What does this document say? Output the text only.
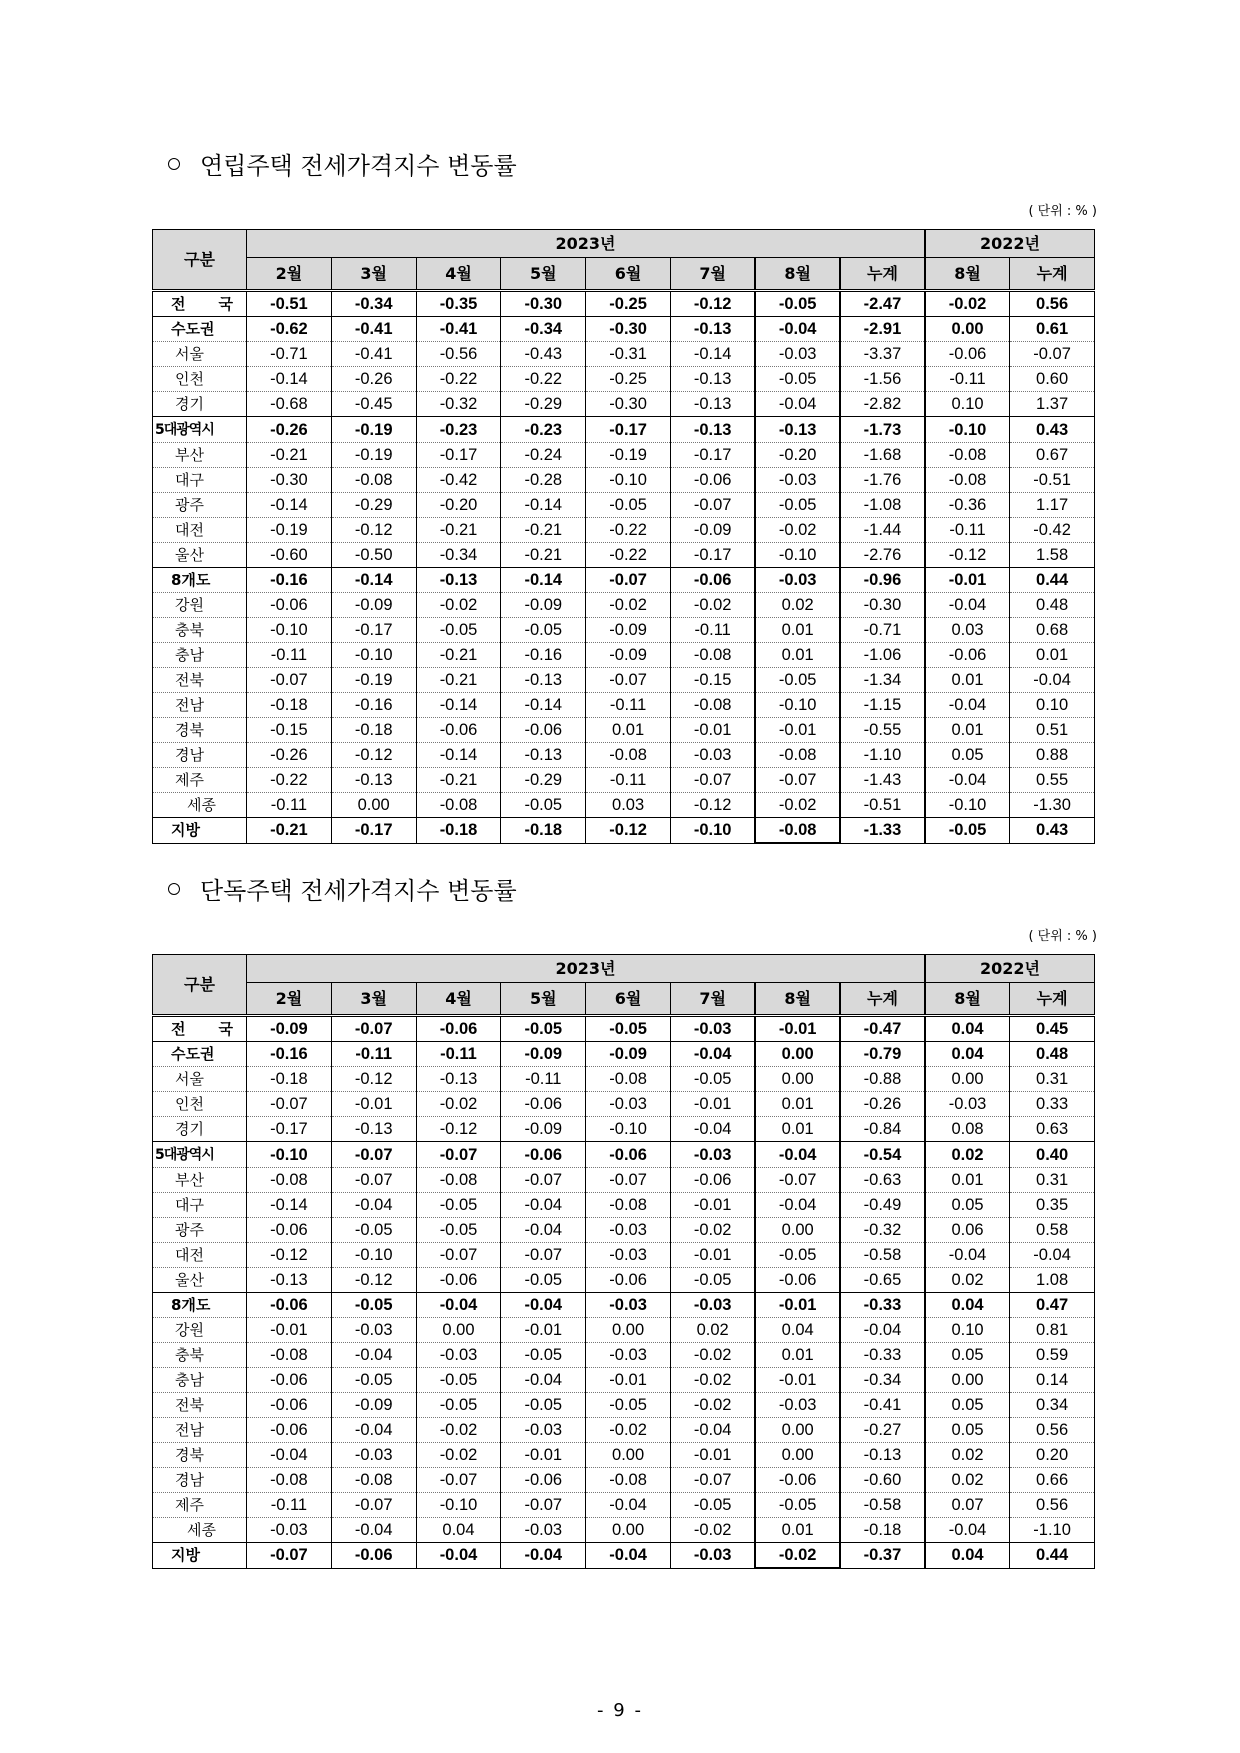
연립주택 전세가격지수 변동률
( 단위 : % )
구분	2023년								2022년	
	2월	3월	4월	5월	6월	7월	8월	누계	8월	누계
전 국	-0.51	-0.34	-0.35	-0.30	-0.25	-0.12	-0.05	-2.47	-0.02	0.56
수도권	-0.62	-0.41	-0.41	-0.34	-0.30	-0.13	-0.04	-2.91	0.00	0.61
서울	-0.71	-0.41	-0.56	-0.43	-0.31	-0.14	-0.03	-3.37	-0.06	-0.07
인천	-0.14	-0.26	-0.22	-0.22	-0.25	-0.13	-0.05	-1.56	-0.11	0.60
경기	-0.68	-0.45	-0.32	-0.29	-0.30	-0.13	-0.04	-2.82	0.10	1.37
5대광역시	-0.26	-0.19	-0.23	-0.23	-0.17	-0.13	-0.13	-1.73	-0.10	0.43
부산	-0.21	-0.19	-0.17	-0.24	-0.19	-0.17	-0.20	-1.68	-0.08	0.67
대구	-0.30	-0.08	-0.42	-0.28	-0.10	-0.06	-0.03	-1.76	-0.08	-0.51
광주	-0.14	-0.29	-0.20	-0.14	-0.05	-0.07	-0.05	-1.08	-0.36	1.17
대전	-0.19	-0.12	-0.21	-0.21	-0.22	-0.09	-0.02	-1.44	-0.11	-0.42
울산	-0.60	-0.50	-0.34	-0.21	-0.22	-0.17	-0.10	-2.76	-0.12	1.58
8개도	-0.16	-0.14	-0.13	-0.14	-0.07	-0.06	-0.03	-0.96	-0.01	0.44
강원	-0.06	-0.09	-0.02	-0.09	-0.02	-0.02	0.02	-0.30	-0.04	0.48
충북	-0.10	-0.17	-0.05	-0.05	-0.09	-0.11	0.01	-0.71	0.03	0.68
충남	-0.11	-0.10	-0.21	-0.16	-0.09	-0.08	0.01	-1.06	-0.06	0.01
전북	-0.07	-0.19	-0.21	-0.13	-0.07	-0.15	-0.05	-1.34	0.01	-0.04
전남	-0.18	-0.16	-0.14	-0.14	-0.11	-0.08	-0.10	-1.15	-0.04	0.10
경북	-0.15	-0.18	-0.06	-0.06	0.01	-0.01	-0.01	-0.55	0.01	0.51
경남	-0.26	-0.12	-0.14	-0.13	-0.08	-0.03	-0.08	-1.10	0.05	0.88
제주	-0.22	-0.13	-0.21	-0.29	-0.11	-0.07	-0.07	-1.43	-0.04	0.55
세종	-0.11	0.00	-0.08	-0.05	0.03	-0.12	-0.02	-0.51	-0.10	-1.30
지방	-0.21	-0.17	-0.18	-0.18	-0.12	-0.10	-0.08	-1.33	-0.05	0.43
단독주택 전세가격지수 변동률
( 단위 : % )
구분	2023년								2022년	
	2월	3월	4월	5월	6월	7월	8월	누계	8월	누계
전 국	-0.09	-0.07	-0.06	-0.05	-0.05	-0.03	-0.01	-0.47	0.04	0.45
수도권	-0.16	-0.11	-0.11	-0.09	-0.09	-0.04	0.00	-0.79	0.04	0.48
서울	-0.18	-0.12	-0.13	-0.11	-0.08	-0.05	0.00	-0.88	0.00	0.31
인천	-0.07	-0.01	-0.02	-0.06	-0.03	-0.01	0.01	-0.26	-0.03	0.33
경기	-0.17	-0.13	-0.12	-0.09	-0.10	-0.04	0.01	-0.84	0.08	0.63
5대광역시	-0.10	-0.07	-0.07	-0.06	-0.06	-0.03	-0.04	-0.54	0.02	0.40
부산	-0.08	-0.07	-0.08	-0.07	-0.07	-0.06	-0.07	-0.63	0.01	0.31
대구	-0.14	-0.04	-0.05	-0.04	-0.08	-0.01	-0.04	-0.49	0.05	0.35
광주	-0.06	-0.05	-0.05	-0.04	-0.03	-0.02	0.00	-0.32	0.06	0.58
대전	-0.12	-0.10	-0.07	-0.07	-0.03	-0.01	-0.05	-0.58	-0.04	-0.04
울산	-0.13	-0.12	-0.06	-0.05	-0.06	-0.05	-0.06	-0.65	0.02	1.08
8개도	-0.06	-0.05	-0.04	-0.04	-0.03	-0.03	-0.01	-0.33	0.04	0.47
강원	-0.01	-0.03	0.00	-0.01	0.00	0.02	0.04	-0.04	0.10	0.81
충북	-0.08	-0.04	-0.03	-0.05	-0.03	-0.02	0.01	-0.33	0.05	0.59
충남	-0.06	-0.05	-0.05	-0.04	-0.01	-0.02	-0.01	-0.34	0.00	0.14
전북	-0.06	-0.09	-0.05	-0.05	-0.05	-0.02	-0.03	-0.41	0.05	0.34
전남	-0.06	-0.04	-0.02	-0.03	-0.02	-0.04	0.00	-0.27	0.05	0.56
경북	-0.04	-0.03	-0.02	-0.01	0.00	-0.01	0.00	-0.13	0.02	0.20
경남	-0.08	-0.08	-0.07	-0.06	-0.08	-0.07	-0.06	-0.60	0.02	0.66
제주	-0.11	-0.07	-0.10	-0.07	-0.04	-0.05	-0.05	-0.58	0.07	0.56
세종	-0.03	-0.04	0.04	-0.03	0.00	-0.02	0.01	-0.18	-0.04	-1.10
지방	-0.07	-0.06	-0.04	-0.04	-0.04	-0.03	-0.02	-0.37	0.04	0.44
- 9 -
